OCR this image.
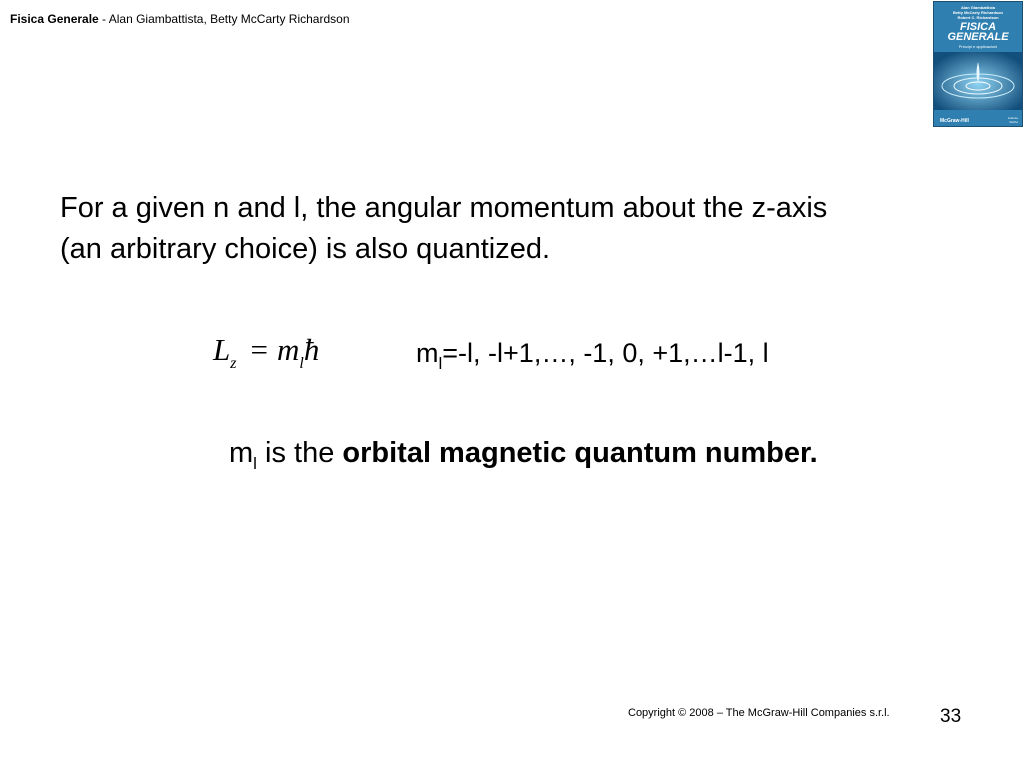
Fisica Generale - Alan Giambattista, Betty McCarty Richardson
Alan Giambattista
Betty McCarty Richardson
Robert C. Richardson
FISICA
GENERALE
Principi e applicazioni
McGraw-Hill	scienze
fisiche
For a given n and l, the angular momentum about the z-axis
(an arbitrary choice) is also quantized.
$L_z$ = $m_lħ$	$m_l=-l$, -l+1,…, -1, 0, +1,…l-1, l
$m_l$ is the orbital magnetic quantum number.
Copyright © 2008 – The McGraw-Hill Companies s.r.l.	33
